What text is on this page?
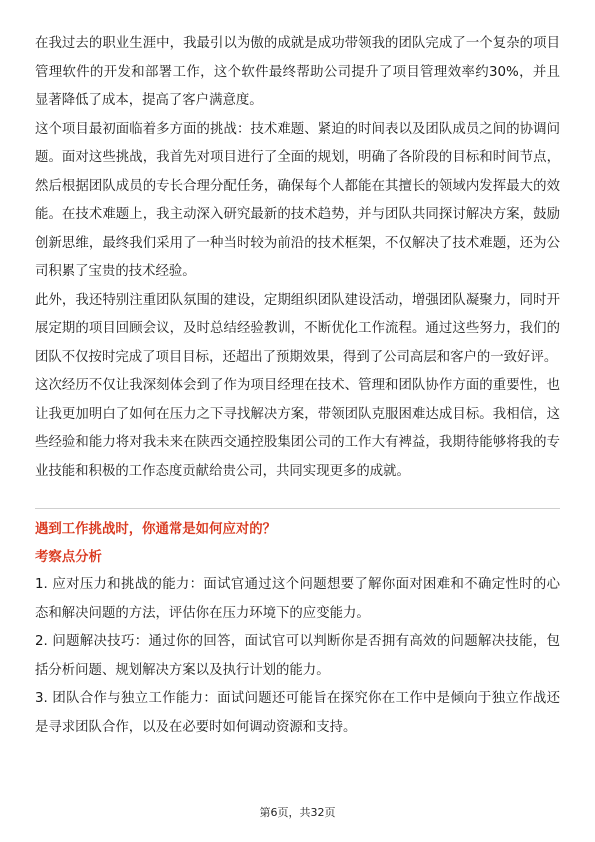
在我过去的职业生涯中，我最引以为傲的成就是成功带领我的团队完成了一个复杂的项目管理软件的开发和部署工作，这个软件最终帮助公司提升了项目管理效率约30%，并且显著降低了成本，提高了客户满意度。

这个项目最初面临着多方面的挑战：技术难题、紧迫的时间表以及团队成员之间的协调问题。面对这些挑战，我首先对项目进行了全面的规划，明确了各阶段的目标和时间节点，然后根据团队成员的专长合理分配任务，确保每个人都能在其擅长的领域内发挥最大的效能。在技术难题上，我主动深入研究最新的技术趋势，并与团队共同探讨解决方案，鼓励创新思维，最终我们采用了一种当时较为前沿的技术框架，不仅解决了技术难题，还为公司积累了宝贵的技术经验。

此外，我还特别注重团队氛围的建设，定期组织团队建设活动，增强团队凝聚力，同时开展定期的项目回顾会议，及时总结经验教训，不断优化工作流程。通过这些努力，我们的团队不仅按时完成了项目目标，还超出了预期效果，得到了公司高层和客户的一致好评。

这次经历不仅让我深刻体会到了作为项目经理在技术、管理和团队协作方面的重要性，也让我更加明白了如何在压力之下寻找解决方案，带领团队克服困难达成目标。我相信，这些经验和能力将对我未来在陕西交通控股集团公司的工作大有裨益，我期待能够将我的专业技能和积极的工作态度贡献给贵公司，共同实现更多的成就。

遇到工作挑战时，你通常是如何应对的？

考察点分析

1. 应对压力和挑战的能力：面试官通过这个问题想要了解你面对困难和不确定性时的心态和解决问题的方法，评估你在压力环境下的应变能力。

2. 问题解决技巧：通过你的回答，面试官可以判断你是否拥有高效的问题解决技能，包括分析问题、规划解决方案以及执行计划的能力。

3. 团队合作与独立工作能力：面试问题还可能旨在探究你在工作中是倾向于独立作战还是寻求团队合作，以及在必要时如何调动资源和支持。

第6页，共32页
